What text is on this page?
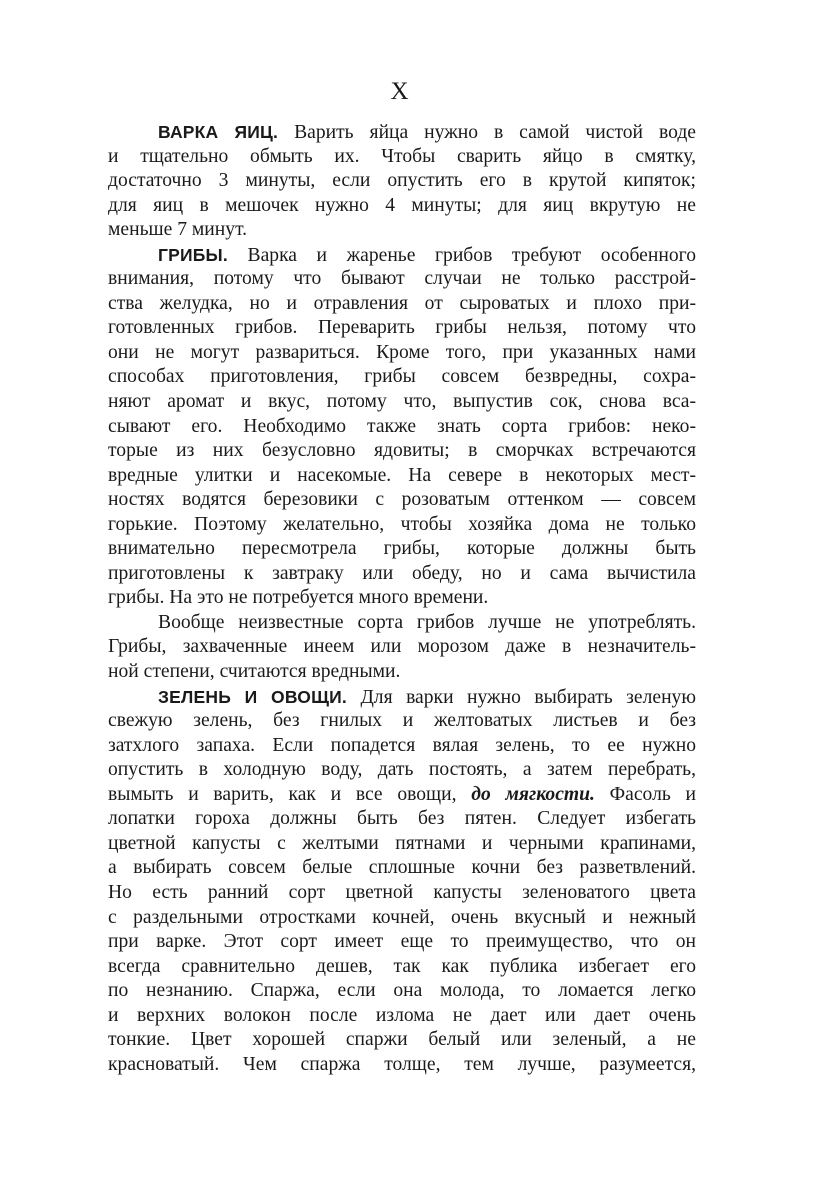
X
ВАРКА ЯИЦ. Варить яйца нужно в самой чистой воде
и тщательно обмыть их. Чтобы сварить яйцо в смятку,
достаточно 3 минуты, если опустить его в крутой кипяток;
для яиц в мешочек нужно 4 минуты; для яиц вкрутую не
меньше 7 минут.
ГРИБЫ. Варка и жаренье грибов требуют особенного
внимания, потому что бывают случаи не только расстрой-
ства желудка, но и отравления от сыроватых и плохо при-
готовленных грибов. Переварить грибы нельзя, потому что
они не могут развариться. Кроме того, при указанных нами
способах приготовления, грибы совсем безвредны, сохра-
няют аромат и вкус, потому что, выпустив сок, снова вса-
сывают его. Необходимо также знать сорта грибов: неко-
торые из них безусловно ядовиты; в сморчках встречаются
вредные улитки и насекомые. На севере в некоторых мест-
ностях водятся березовики с розоватым оттенком — совсем
горькие. Поэтому желательно, чтобы хозяйка дома не только
внимательно пересмотрела грибы, которые должны быть
приготовлены к завтраку или обеду, но и сама вычистила
грибы. На это не потребуется много времени.
Вообще неизвестные сорта грибов лучше не употреблять.
Грибы, захваченные инеем или морозом даже в незначитель-
ной степени, считаются вредными.
ЗЕЛЕНЬ И ОВОЩИ. Для варки нужно выбирать зеленую
свежую зелень, без гнилых и желтоватых листьев и без
затхлого запаха. Если попадется вялая зелень, то ее нужно
опустить в холодную воду, дать постоять, а затем перебрать,
вымыть и варить, как и все овощи, до мягкости. Фасоль и
лопатки гороха должны быть без пятен. Следует избегать
цветной капусты с желтыми пятнами и черными крапинами,
а выбирать совсем белые сплошные кочни без разветвлений.
Но есть ранний сорт цветной капусты зеленоватого цвета
с раздельными отростками кочней, очень вкусный и нежный
при варке. Этот сорт имеет еще то преимущество, что он
всегда сравнительно дешев, так как публика избегает его
по незнанию. Спаржа, если она молода, то ломается легко
и верхних волокон после излома не дает или дает очень
тонкие. Цвет хорошей спаржи белый или зеленый, а не
красноватый. Чем спаржа толще, тем лучше, разумеется,
